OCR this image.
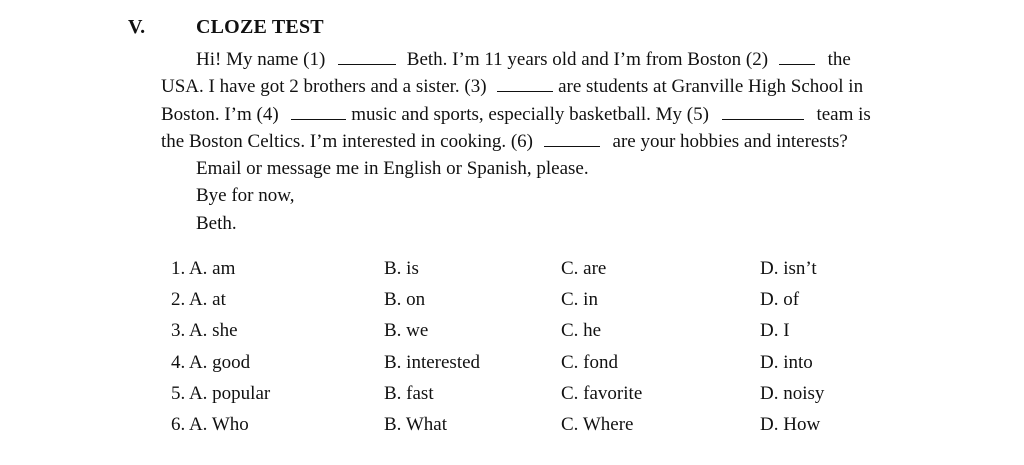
V.	CLOZE TEST
Hi! My name (1)	Beth. I’m 11 years old and I’m from Boston (2)	the
USA. I have got 2 brothers and a sister. (3)	are students at Granville High School in
Boston. I’m (4)	music and sports, especially basketball. My (5)	team is
the Boston Celtics. I’m interested in cooking. (6)	are your hobbies and interests?
Email or message me in English or Spanish, please.
Bye for now,
Beth.
1. A. am	B. is	C. are	D. isn’t
2. A. at	B. on	C. in	D. of
3. A. she	B. we	C. he	D. I
4. A. good	B. interested	C. fond	D. into
5. A. popular	B. fast	C. favorite	D. noisy
6. A. Who	B. What	C. Where	D. How
